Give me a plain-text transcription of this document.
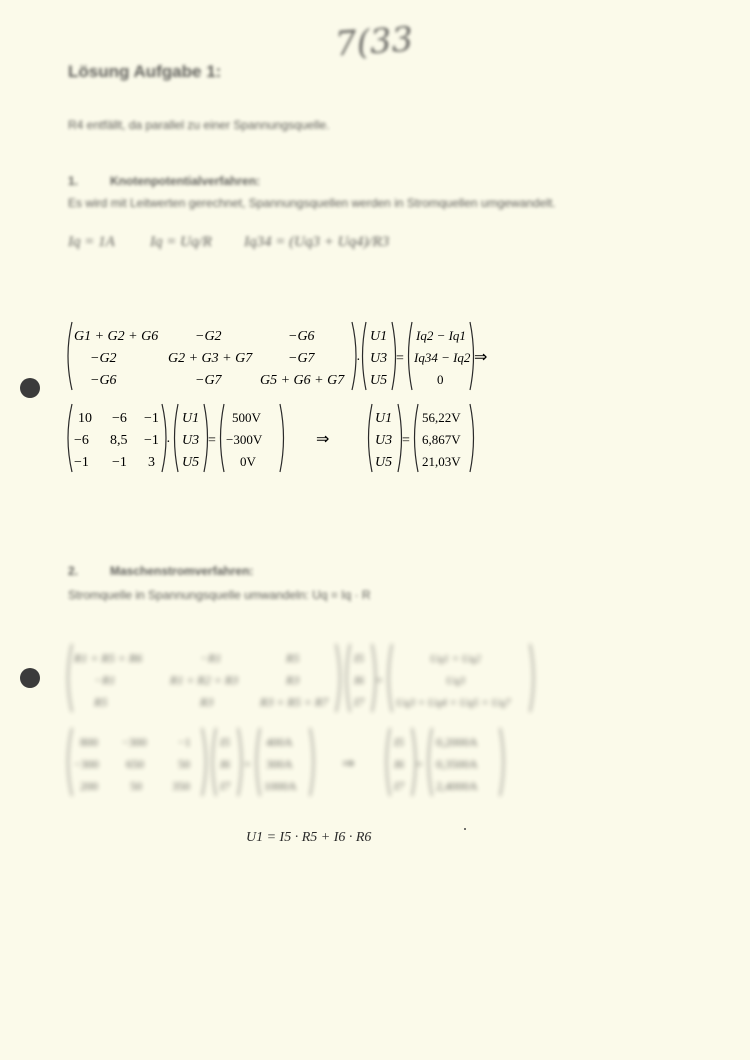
7(33
Lösung Aufgabe 1:
R4 entfällt, da parallel zu einer Spannungsquelle.
1.	Knotenpotentialverfahren:
Es wird mit Leitwerten gerechnet, Spannungsquellen werden in Stromquellen umgewandelt.
Iq = 1A Iq = Uq/R Iq34 = (Uq3 + Uq4)/R3
G1 + G2 + G6	−G2	−G6
−G2	G2 + G3 + G7	−G7
−G6	−G7	G5 + G6 + G7
·
U1
U3
U5
=
Iq2 − Iq1
Iq34 − Iq2
0
⇒
10 −6 −1
−6 8,5 −1
−1 −1 3
·
U1
U3
U5
=
500V
−300V
0V
⇒
U1
U3
U5
=
56,22V
6,867V
21,03V
2.	Maschenstromverfahren:
Stromquelle in Spannungsquelle umwandeln: Uq = Iq · R
R1 + R5 + R6	−R1	R5
−R1	R1 + R2 + R3	R3
R5	R3	R3 + R5 + R7
I5
I6
I7
=
Uq1 + Uq2
Uq3
Uq3 + Uq4 + Uq5 + Uq7
800 −300	−1
−300 650	50
200	50	350
I5
I6
I7
=
400A
300A
1000A
⇒
I5
I6
I7
=
0,2000A
0,3500A
2,4000A
U1 = I5 · R5 + I6 · R6
